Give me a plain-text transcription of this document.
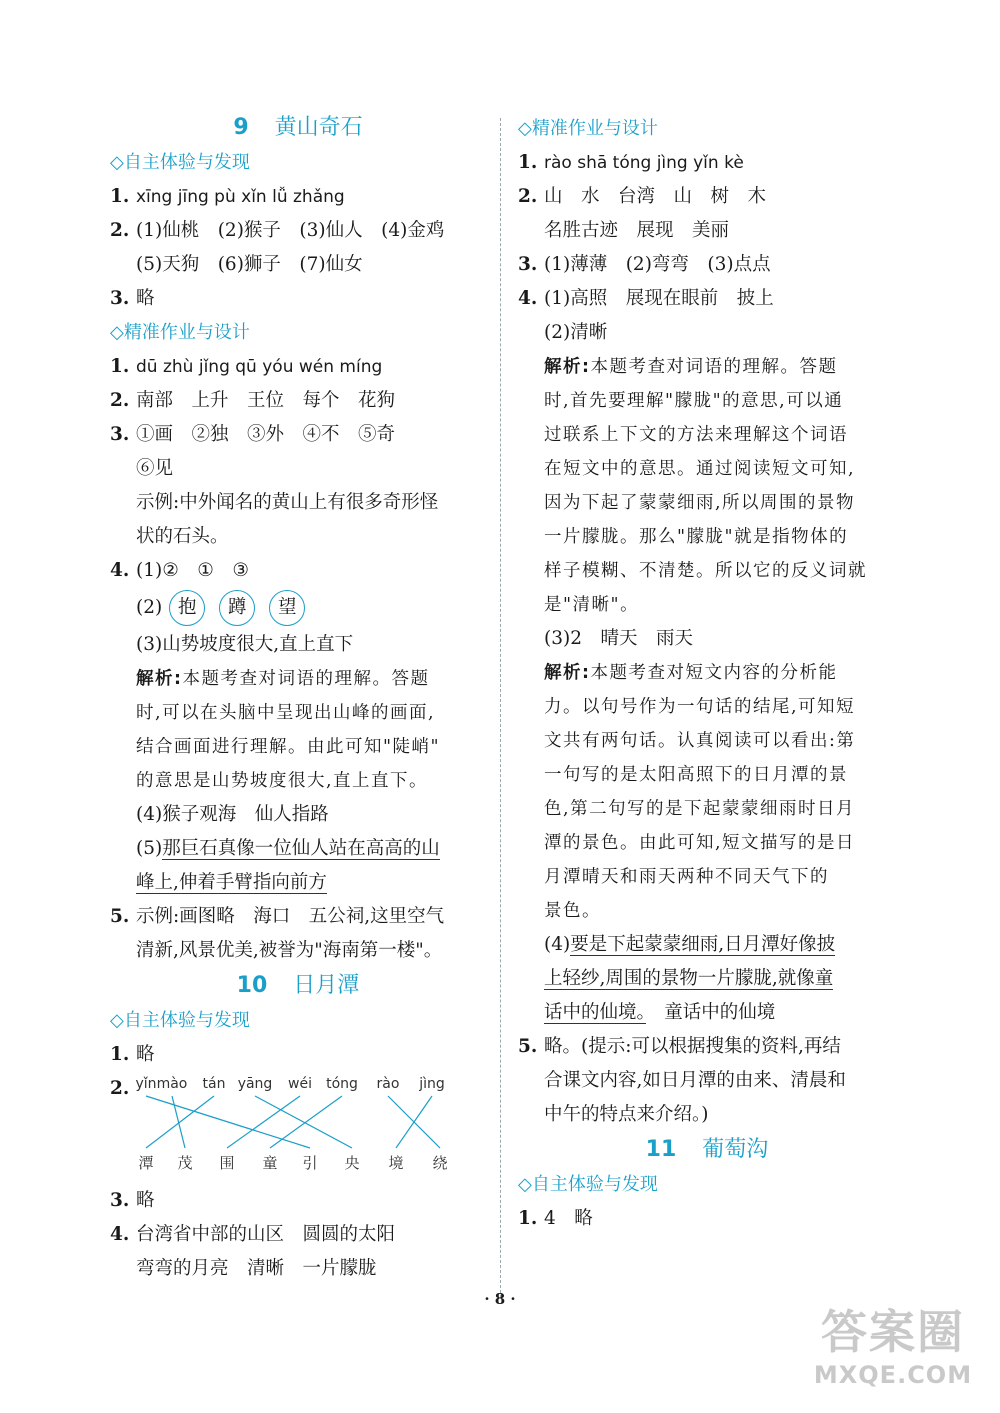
9 黄山奇石
◇自主体验与发现
1. xīng jīng pù xǐn lǚ zhǎng
2. (1)仙桃　(2)猴子　(3)仙人　(4)金鸡
(5)天狗　(6)狮子　(7)仙女
3. 略
◇精准作业与设计
1. dū zhù jǐng qū yóu wén míng
2. 南部　上升　王位　每个　花狗
3. ①画　②独　③外　④不　⑤奇
⑥见
示例:中外闻名的黄山上有很多奇形怪
状的石头。
4. (1)②　①　③
(2) 抱 蹲 望
(3)山势坡度很大,直上直下
解析:本题考查对词语的理解。答题
时,可以在头脑中呈现出山峰的画面,
结合画面进行理解。由此可知"陡峭"
的意思是山势坡度很大,直上直下。
(4)猴子观海　仙人指路
(5)那巨石真像一位仙人站在高高的山
峰上,伸着手臂指向前方
5. 示例:画图略　海口　五公祠,这里空气
清新,风景优美,被誉为"海南第一楼"。
10 日月潭
◇自主体验与发现
1. 略
2. yǐn mào tán yāng wéi tóng rào jìng
潭 茂 围 童 引 央 境 绕
3. 略
4. 台湾省中部的山区　圆圆的太阳
弯弯的月亮　清晰　一片朦胧
◇精准作业与设计
1. rào shā tóng jìng yǐn kè
2. 山　水　台湾　山　树　木
名胜古迹　展现　美丽
3. (1)薄薄　(2)弯弯　(3)点点
4. (1)高照　展现在眼前　披上
(2)清晰
解析:本题考查对词语的理解。答题
时,首先要理解"朦胧"的意思,可以通
过联系上下文的方法来理解这个词语
在短文中的意思。通过阅读短文可知,
因为下起了蒙蒙细雨,所以周围的景物
一片朦胧。那么"朦胧"就是指物体的
样子模糊、不清楚。所以它的反义词就
是"清晰"。
(3)2　晴天　雨天
解析:本题考查对短文内容的分析能
力。以句号作为一句话的结尾,可知短
文共有两句话。认真阅读可以看出:第
一句写的是太阳高照下的日月潭的景
色,第二句写的是下起蒙蒙细雨时日月
潭的景色。由此可知,短文描写的是日
月潭晴天和雨天两种不同天气下的
景色。
(4)要是下起蒙蒙细雨,日月潭好像披
上轻纱,周围的景物一片朦胧,就像童
话中的仙境。　童话中的仙境
5. 略。(提示:可以根据搜集的资料,再结
合课文内容,如日月潭的由来、清晨和
中午的特点来介绍。)
11 葡萄沟
◇自主体验与发现
1. 4　略
· 8 ·
答案圈
MXQE.COM
